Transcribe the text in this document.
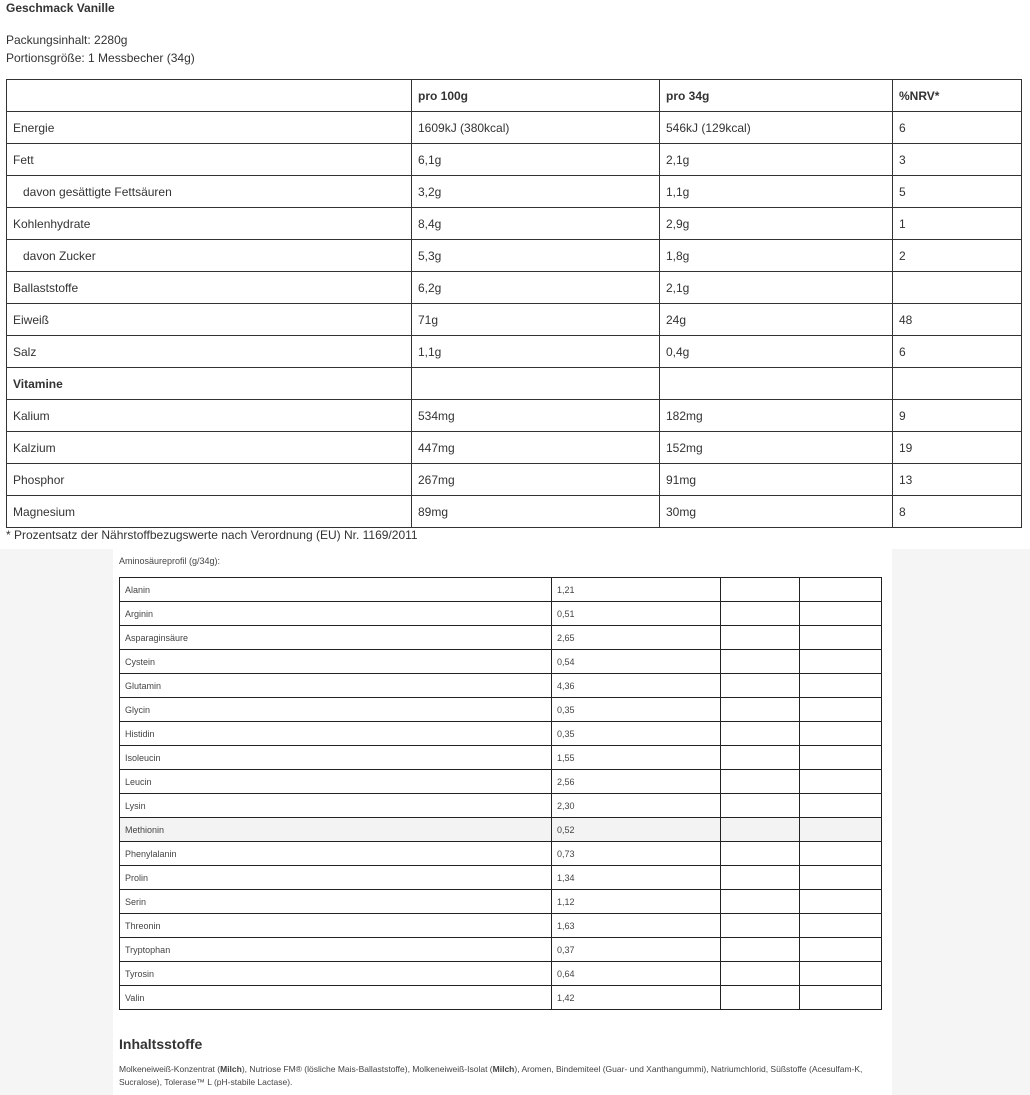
Geschmack Vanille
Packungsinhalt: 2280g
Portionsgröße: 1 Messbecher (34g)
	pro 100g	pro 34g	%NRV*
Energie	1609kJ (380kcal)	546kJ (129kcal)	6
Fett	6,1g	2,1g	3
davon gesättigte Fettsäuren	3,2g	1,1g	5
Kohlenhydrate	8,4g	2,9g	1
davon Zucker	5,3g	1,8g	2
Ballaststoffe	6,2g	2,1g	
Eiweiß	71g	24g	48
Salz	1,1g	0,4g	6
Vitamine			
Kalium	534mg	182mg	9
Kalzium	447mg	152mg	19
Phosphor	267mg	91mg	13
Magnesium	89mg	30mg	8
* Prozentsatz der Nährstoffbezugswerte nach Verordnung (EU) Nr. 1169/2011
Aminosäureprofil (g/34g):
Alanin	1,21		
Arginin	0,51		
Asparaginsäure	2,65		
Cystein	0,54		
Glutamin	4,36		
Glycin	0,35		
Histidin	0,35		
Isoleucin	1,55		
Leucin	2,56		
Lysin	2,30		
Methionin	0,52		
Phenylalanin	0,73		
Prolin	1,34		
Serin	1,12		
Threonin	1,63		
Tryptophan	0,37		
Tyrosin	0,64		
Valin	1,42		
Inhaltsstoffe
Molkeneiweiß-Konzentrat (Milch), Nutriose FM® (lösliche Mais-Ballaststoffe), Molkeneiweiß-Isolat (Milch), Aromen, Bindemiteel (Guar- und Xanthangummi), Natriumchlorid, Süßstoffe (Acesulfam-K, Sucralose), Tolerase™ L (pH-stabile Lactase).
